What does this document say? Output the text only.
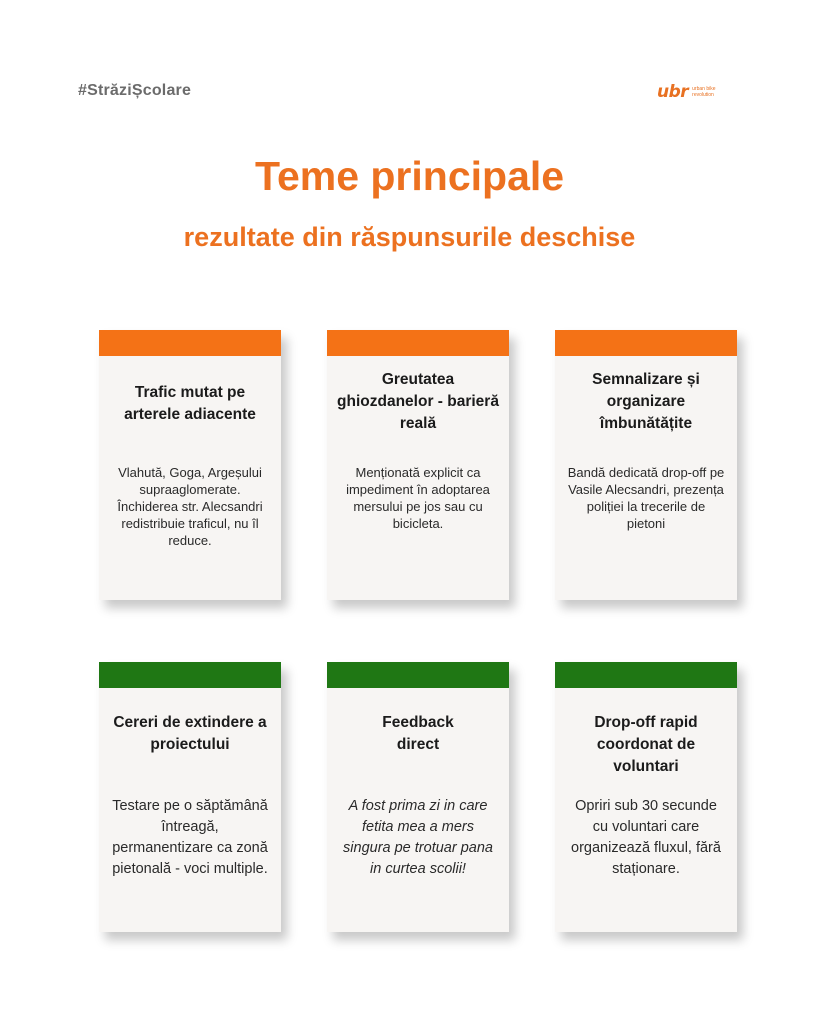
#StrăziȘcolare	ubr urban bike
revolution
Teme principale
rezultate din răspunsurile deschise
Trafic mutat pe arterele adiacente
Vlahută, Goga, Argeșului supraaglomerate. Închiderea str. Alecsandri redistribuie traficul, nu îl reduce.
Greutatea ghiozdanelor - barieră reală
Menționată explicit ca impediment în adoptarea mersului pe jos sau cu bicicleta.
Semnalizare și organizare îmbunătățite
Bandă dedicată drop-off pe Vasile Alecsandri, prezența poliției la trecerile de pietoni
Cereri de extindere a proiectului
Testare pe o săptămână întreagă, permanentizare ca zonă pietonală - voci multiple.
Feedback direct
A fost prima zi in care fetita mea a mers singura pe trotuar pana in curtea scolii!
Drop-off rapid coordonat de voluntari
Opriri sub 30 secunde cu voluntari care organizează fluxul, fără staționare.
